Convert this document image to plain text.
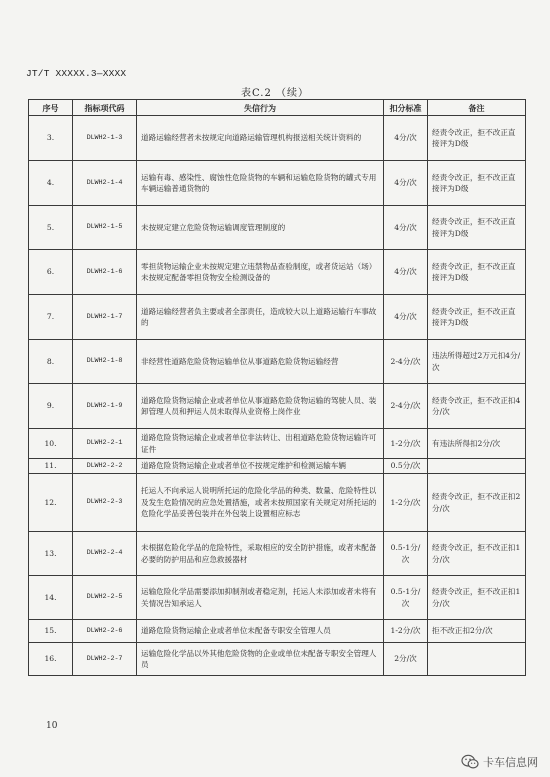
JT/T XXXXX.3—XXXX
表C.2 （续）
序号	指标项代码	失信行为	扣分标准	备注
3.	DLWH2-1-3	道路运输经营者未按规定向道路运输管理机构报送相关统计资料的	4分/次	经责令改正，拒不改正直接评为D级
4.	DLWH2-1-4	运输有毒、感染性、腐蚀性危险货物的车辆和运输危险货物的罐式专用车辆运输普通货物的	4分/次	经责令改正，拒不改正直接评为D级
5.	DLWH2-1-5	未按规定建立危险货物运输调度管理制度的	4分/次	经责令改正，拒不改正直接评为D级
6.	DLWH2-1-6	零担货物运输企业未按规定建立违禁物品查验制度，或者货运站（场）未按规定配备零担货物安全检测设备的	4分/次	经责令改正，拒不改正直接评为D级
7.	DLWH2-1-7	道路运输经营者负主要或者全部责任，造成较大以上道路运输行车事故的	4分/次	经责令改正，拒不改正直接评为D级
8.	DLWH2-1-8	非经营性道路危险货物运输单位从事道路危险货物运输经营	2-4分/次	违法所得超过2万元扣4分/次
9.	DLWH2-1-9	道路危险货物运输企业或者单位从事道路危险货物运输的驾驶人员、装卸管理人员和押运人员未取得从业资格上岗作业	2-4分/次	经责令改正，拒不改正扣4分/次
10.	DLWH2-2-1	道路危险货物运输企业或者单位非法转让、出租道路危险货物运输许可证件	1-2分/次	有违法所得扣2分/次
11.	DLWH2-2-2	道路危险货物运输企业或者单位不按规定维护和检测运输车辆	0.5分/次	
12.	DLWH2-2-3	托运人不向承运人说明所托运的危险化学品的种类、数量、危险特性以及发生危险情况的应急处置措施，或者未按照国家有关规定对所托运的危险化学品妥善包装并在外包装上设置相应标志	1-2分/次	经责令改正，拒不改正扣2分/次
13.	DLWH2-2-4	未根据危险化学品的危险特性，采取相应的安全防护措施，或者未配备必要的防护用品和应急救援器材	0.5-1分/次	经责令改正，拒不改正扣1分/次
14.	DLWH2-2-5	运输危险化学品需要添加抑制剂或者稳定剂，托运人未添加或者未将有关情况告知承运人	0.5-1分/次	经责令改正，拒不改正扣1分/次
15.	DLWH2-2-6	道路危险货物运输企业或者单位未配备专职安全管理人员	1-2分/次	拒不改正扣2分/次
16.	DLWH2-2-7	运输危险化学品以外其他危险货物的企业或单位未配备专职安全管理人员	2分/次	
10
卡车信息网
